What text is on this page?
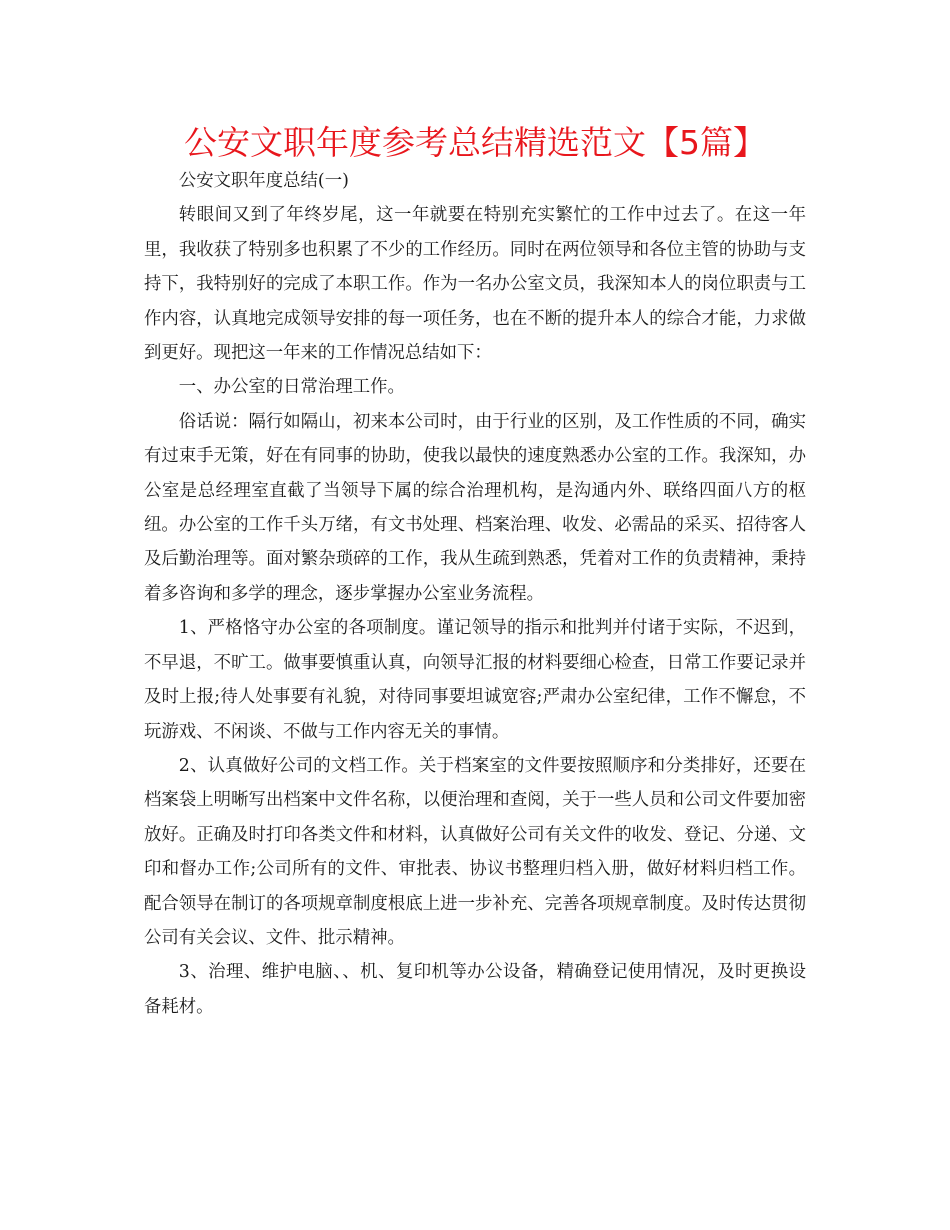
公安文职年度参考总结精选范文【5篇】

公安文职年度总结(一)

转眼间又到了年终岁尾，这一年就要在特别充实繁忙的工作中过去了。在这一年里，我收获了特别多也积累了不少的工作经历。同时在两位领导和各位主管的协助与支持下，我特别好的完成了本职工作。作为一名办公室文员，我深知本人的岗位职责与工作内容，认真地完成领导安排的每一项任务，也在不断的提升本人的综合才能，力求做到更好。现把这一年来的工作情况总结如下：

一、办公室的日常治理工作。

俗话说：隔行如隔山，初来本公司时，由于行业的区别，及工作性质的不同，确实有过束手无策，好在有同事的协助，使我以最快的速度熟悉办公室的工作。我深知，办公室是总经理室直截了当领导下属的综合治理机构，是沟通内外、联络四面八方的枢纽。办公室的工作千头万绪，有文书处理、档案治理、收发、必需品的采买、招待客人及后勤治理等。面对繁杂琐碎的工作，我从生疏到熟悉，凭着对工作的负责精神，秉持着多咨询和多学的理念，逐步掌握办公室业务流程。

1、严格恪守办公室的各项制度。谨记领导的指示和批判并付诸于实际，不迟到，不早退，不旷工。做事要慎重认真，向领导汇报的材料要细心检查，日常工作要记录并及时上报;待人处事要有礼貌，对待同事要坦诚宽容;严肃办公室纪律，工作不懈怠，不玩游戏、不闲谈、不做与工作内容无关的事情。

2、认真做好公司的文档工作。关于档案室的文件要按照顺序和分类排好，还要在档案袋上明晰写出档案中文件名称，以便治理和查阅，关于一些人员和公司文件要加密放好。正确及时打印各类文件和材料，认真做好公司有关文件的收发、登记、分递、文印和督办工作;公司所有的文件、审批表、协议书整理归档入册，做好材料归档工作。配合领导在制订的各项规章制度根底上进一步补充、完善各项规章制度。及时传达贯彻公司有关会议、文件、批示精神。

3、治理、维护电脑、、机、复印机等办公设备，精确登记使用情况，及时更换设备耗材。
